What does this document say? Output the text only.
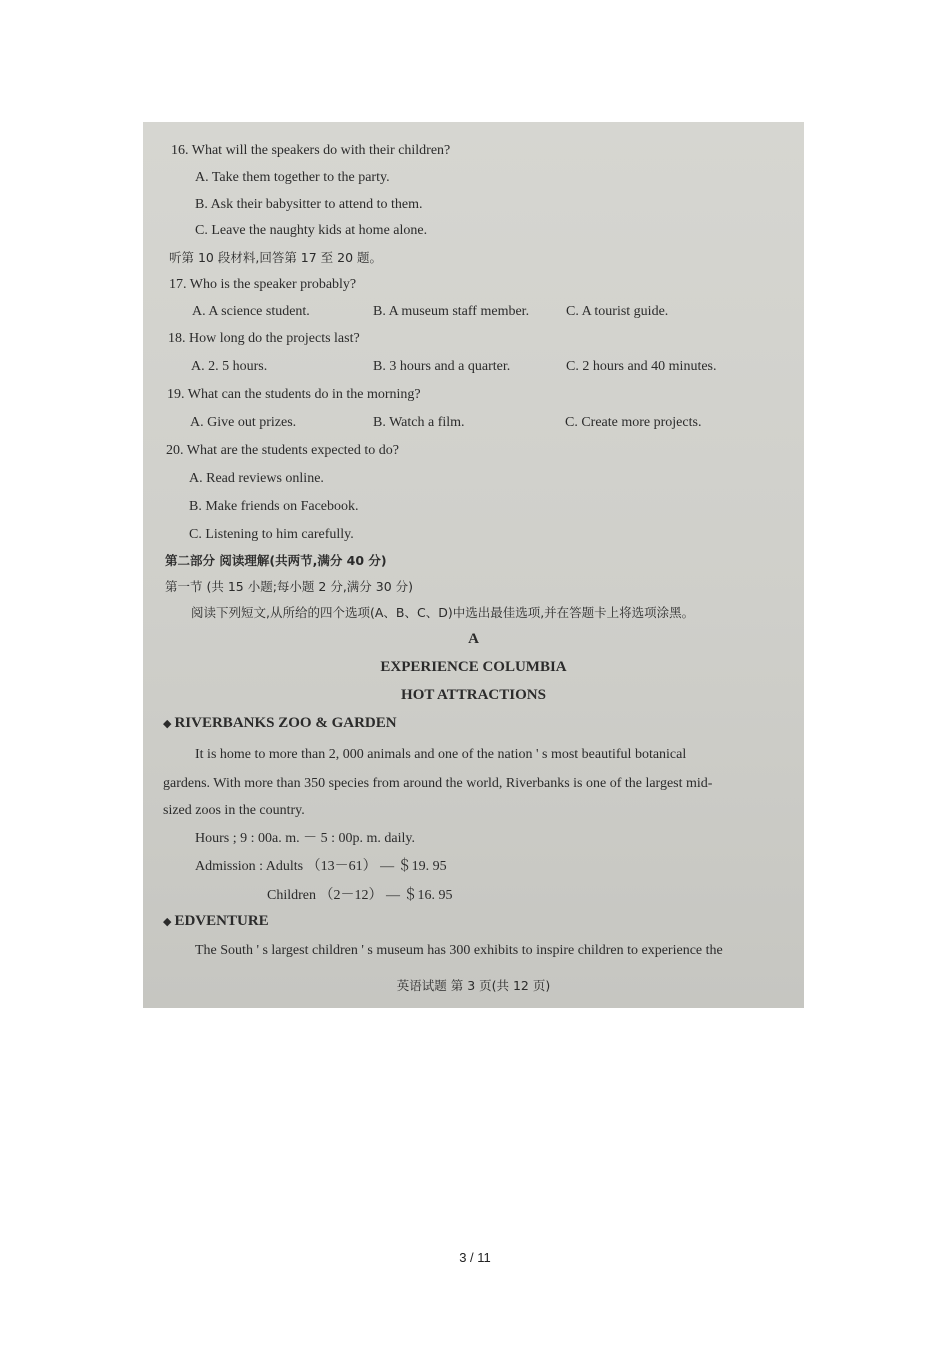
16. What will the speakers do with their children?
A. Take them together to the party.
B. Ask their babysitter to attend to them.
C. Leave the naughty kids at home alone.
听第 10 段材料,回答第 17 至 20 题。
17. Who is the speaker probably?
A. A science student.	B. A museum staff member.	C. A tourist guide.
18. How long do the projects last?
A. 2. 5 hours.	B. 3 hours and a quarter.	C. 2 hours and 40 minutes.
19. What can the students do in the morning?
A. Give out prizes.	B. Watch a film.	C. Create more projects.
20. What are the students expected to do?
A. Read reviews online.
B. Make friends on Facebook.
C. Listening to him carefully.
第二部分 阅读理解(共两节,满分 40 分)
第一节 (共 15 小题;每小题 2 分,满分 30 分)
阅读下列短文,从所给的四个选项(A、B、C、D)中选出最佳选项,并在答题卡上将选项涂黑。
A
EXPERIENCE COLUMBIA
HOT ATTRACTIONS
◆ RIVERBANKS ZOO & GARDEN
It is home to more than 2, 000 animals and one of the nation ' s most beautiful botanical
gardens. With more than 350 species from around the world, Riverbanks is one of the largest mid-
sized zoos in the country.
Hours ; 9 : 00a. m. － 5 : 00p. m. daily.
Admission : Adults （13－61） — ＄19. 95
Children （2－12） — ＄16. 95
◆ EDVENTURE
The South ' s largest children ' s museum has 300 exhibits to inspire children to experience the
英语试题 第 3 页(共 12 页)
3 / 11
